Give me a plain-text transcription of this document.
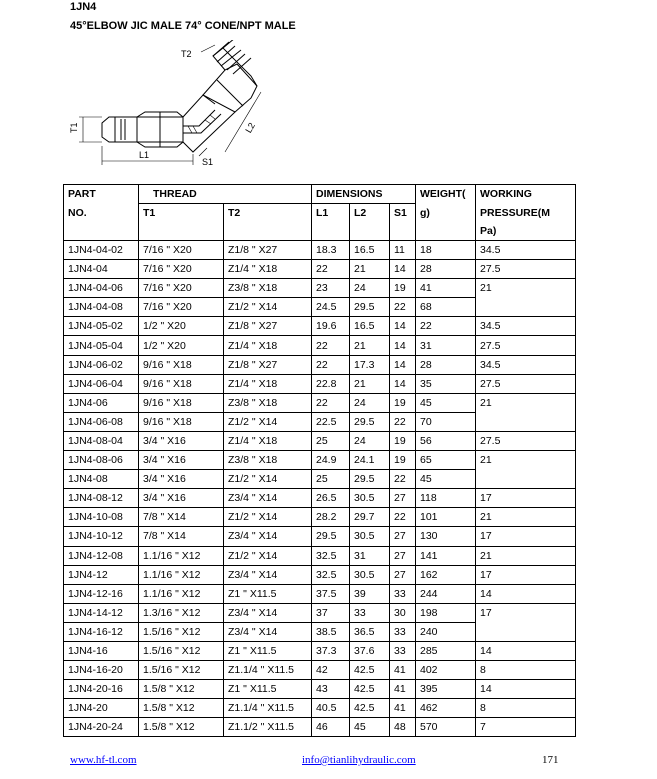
1JN4
45°ELBOW JIC MALE 74° CONE/NPT MALE
T1
T2
L1
L2
S1
PART	THREAD		DIMENSIONS			WEIGHT(	WORKING
NO.	T1	T2	L1	L2	S1	g)	PRESSURE(M
							Pa)
1JN4-04-02	7/16 " X20	Z1/8 " X27	18.3	16.5	11	18	34.5
1JN4-04	7/16 " X20	Z1/4 " X18	22	21	14	28	27.5
1JN4-04-06	7/16 " X20	Z3/8 " X18	23	24	19	41	21
1JN4-04-08	7/16 " X20	Z1/2 " X14	24.5	29.5	22	68	
1JN4-05-02	1/2 " X20	Z1/8 " X27	19.6	16.5	14	22	34.5
1JN4-05-04	1/2 " X20	Z1/4 " X18	22	21	14	31	27.5
1JN4-06-02	9/16 " X18	Z1/8 " X27	22	17.3	14	28	34.5
1JN4-06-04	9/16 " X18	Z1/4 " X18	22.8	21	14	35	27.5
1JN4-06	9/16 " X18	Z3/8 " X18	22	24	19	45	21
1JN4-06-08	9/16 " X18	Z1/2 " X14	22.5	29.5	22	70	
1JN4-08-04	3/4 " X16	Z1/4 " X18	25	24	19	56	27.5
1JN4-08-06	3/4 " X16	Z3/8 " X18	24.9	24.1	19	65	21
1JN4-08	3/4 " X16	Z1/2 " X14	25	29.5	22	45	
1JN4-08-12	3/4 " X16	Z3/4 " X14	26.5	30.5	27	118	17
1JN4-10-08	7/8 " X14	Z1/2 " X14	28.2	29.7	22	101	21
1JN4-10-12	7/8 " X14	Z3/4 " X14	29.5	30.5	27	130	17
1JN4-12-08	1.1/16 " X12	Z1/2 " X14	32.5	31	27	141	21
1JN4-12	1.1/16 " X12	Z3/4 " X14	32.5	30.5	27	162	17
1JN4-12-16	1.1/16 " X12	Z1 " X11.5	37.5	39	33	244	14
1JN4-14-12	1.3/16 " X12	Z3/4 " X14	37	33	30	198	17
1JN4-16-12	1.5/16 " X12	Z3/4 " X14	38.5	36.5	33	240	
1JN4-16	1.5/16 " X12	Z1 " X11.5	37.3	37.6	33	285	14
1JN4-16-20	1.5/16 " X12	Z1.1/4 " X11.5	42	42.5	41	402	8
1JN4-20-16	1.5/8 " X12	Z1 " X11.5	43	42.5	41	395	14
1JN4-20	1.5/8 " X12	Z1.1/4 " X11.5	40.5	42.5	41	462	8
1JN4-20-24	1.5/8 " X12	Z1.1/2 " X11.5	46	45	48	570	7
www.hf-tl.com	info@tianlihydraulic.com	171
